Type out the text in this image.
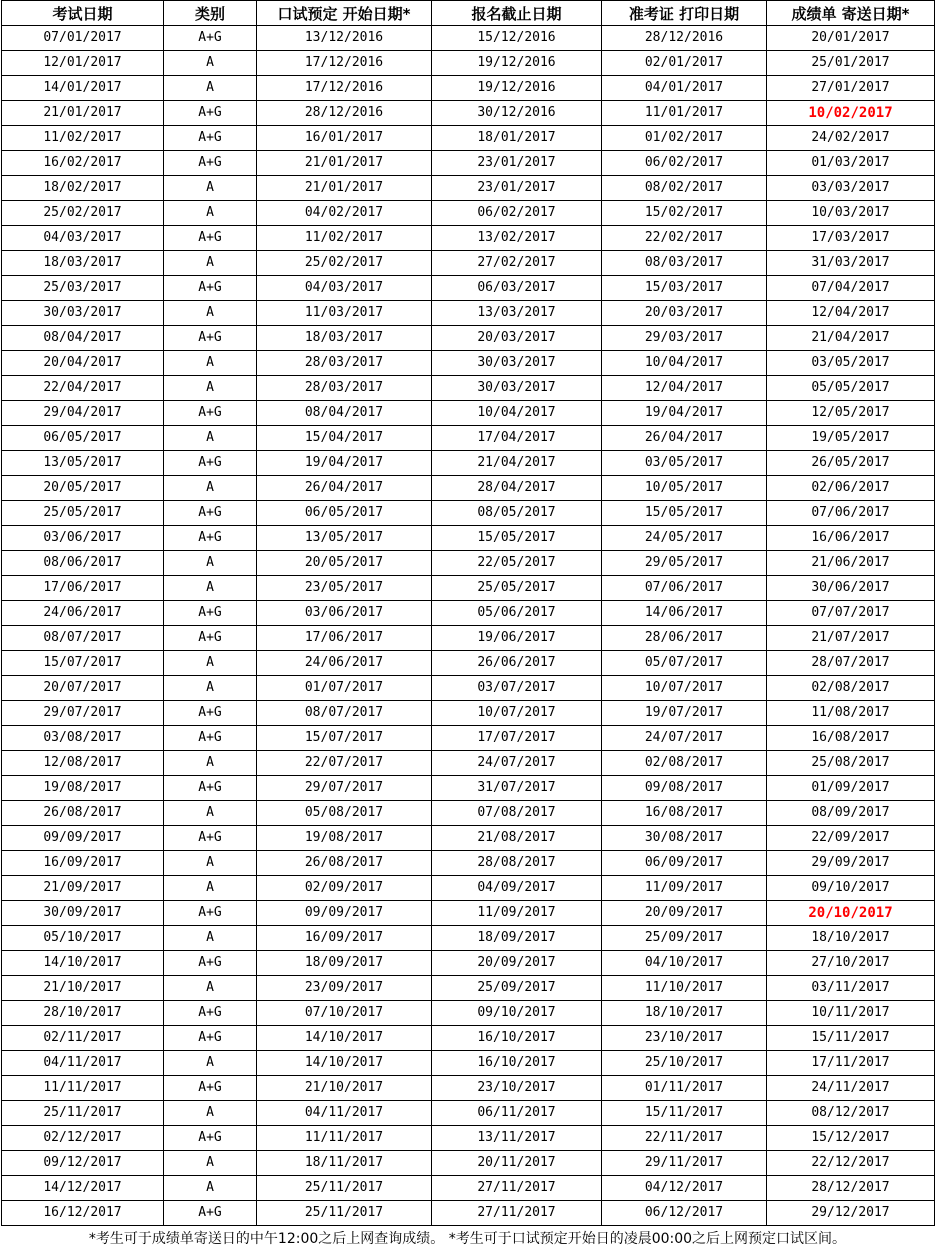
考试日期	类别	口试预定 开始日期*	报名截止日期	准考证 打印日期	成绩单 寄送日期*
07/01/2017	A+G	13/12/2016	15/12/2016	28/12/2016	20/01/2017
12/01/2017	A	17/12/2016	19/12/2016	02/01/2017	25/01/2017
14/01/2017	A	17/12/2016	19/12/2016	04/01/2017	27/01/2017
21/01/2017	A+G	28/12/2016	30/12/2016	11/01/2017	10/02/2017
11/02/2017	A+G	16/01/2017	18/01/2017	01/02/2017	24/02/2017
16/02/2017	A+G	21/01/2017	23/01/2017	06/02/2017	01/03/2017
18/02/2017	A	21/01/2017	23/01/2017	08/02/2017	03/03/2017
25/02/2017	A	04/02/2017	06/02/2017	15/02/2017	10/03/2017
04/03/2017	A+G	11/02/2017	13/02/2017	22/02/2017	17/03/2017
18/03/2017	A	25/02/2017	27/02/2017	08/03/2017	31/03/2017
25/03/2017	A+G	04/03/2017	06/03/2017	15/03/2017	07/04/2017
30/03/2017	A	11/03/2017	13/03/2017	20/03/2017	12/04/2017
08/04/2017	A+G	18/03/2017	20/03/2017	29/03/2017	21/04/2017
20/04/2017	A	28/03/2017	30/03/2017	10/04/2017	03/05/2017
22/04/2017	A	28/03/2017	30/03/2017	12/04/2017	05/05/2017
29/04/2017	A+G	08/04/2017	10/04/2017	19/04/2017	12/05/2017
06/05/2017	A	15/04/2017	17/04/2017	26/04/2017	19/05/2017
13/05/2017	A+G	19/04/2017	21/04/2017	03/05/2017	26/05/2017
20/05/2017	A	26/04/2017	28/04/2017	10/05/2017	02/06/2017
25/05/2017	A+G	06/05/2017	08/05/2017	15/05/2017	07/06/2017
03/06/2017	A+G	13/05/2017	15/05/2017	24/05/2017	16/06/2017
08/06/2017	A	20/05/2017	22/05/2017	29/05/2017	21/06/2017
17/06/2017	A	23/05/2017	25/05/2017	07/06/2017	30/06/2017
24/06/2017	A+G	03/06/2017	05/06/2017	14/06/2017	07/07/2017
08/07/2017	A+G	17/06/2017	19/06/2017	28/06/2017	21/07/2017
15/07/2017	A	24/06/2017	26/06/2017	05/07/2017	28/07/2017
20/07/2017	A	01/07/2017	03/07/2017	10/07/2017	02/08/2017
29/07/2017	A+G	08/07/2017	10/07/2017	19/07/2017	11/08/2017
03/08/2017	A+G	15/07/2017	17/07/2017	24/07/2017	16/08/2017
12/08/2017	A	22/07/2017	24/07/2017	02/08/2017	25/08/2017
19/08/2017	A+G	29/07/2017	31/07/2017	09/08/2017	01/09/2017
26/08/2017	A	05/08/2017	07/08/2017	16/08/2017	08/09/2017
09/09/2017	A+G	19/08/2017	21/08/2017	30/08/2017	22/09/2017
16/09/2017	A	26/08/2017	28/08/2017	06/09/2017	29/09/2017
21/09/2017	A	02/09/2017	04/09/2017	11/09/2017	09/10/2017
30/09/2017	A+G	09/09/2017	11/09/2017	20/09/2017	20/10/2017
05/10/2017	A	16/09/2017	18/09/2017	25/09/2017	18/10/2017
14/10/2017	A+G	18/09/2017	20/09/2017	04/10/2017	27/10/2017
21/10/2017	A	23/09/2017	25/09/2017	11/10/2017	03/11/2017
28/10/2017	A+G	07/10/2017	09/10/2017	18/10/2017	10/11/2017
02/11/2017	A+G	14/10/2017	16/10/2017	23/10/2017	15/11/2017
04/11/2017	A	14/10/2017	16/10/2017	25/10/2017	17/11/2017
11/11/2017	A+G	21/10/2017	23/10/2017	01/11/2017	24/11/2017
25/11/2017	A	04/11/2017	06/11/2017	15/11/2017	08/12/2017
02/12/2017	A+G	11/11/2017	13/11/2017	22/11/2017	15/12/2017
09/12/2017	A	18/11/2017	20/11/2017	29/11/2017	22/12/2017
14/12/2017	A	25/11/2017	27/11/2017	04/12/2017	28/12/2017
16/12/2017	A+G	25/11/2017	27/11/2017	06/12/2017	29/12/2017
*考生可于成绩单寄送日的中午12:00之后上网查询成绩。 *考生可于口试预定开始日的凌晨00:00之后上网预定口试区间。
